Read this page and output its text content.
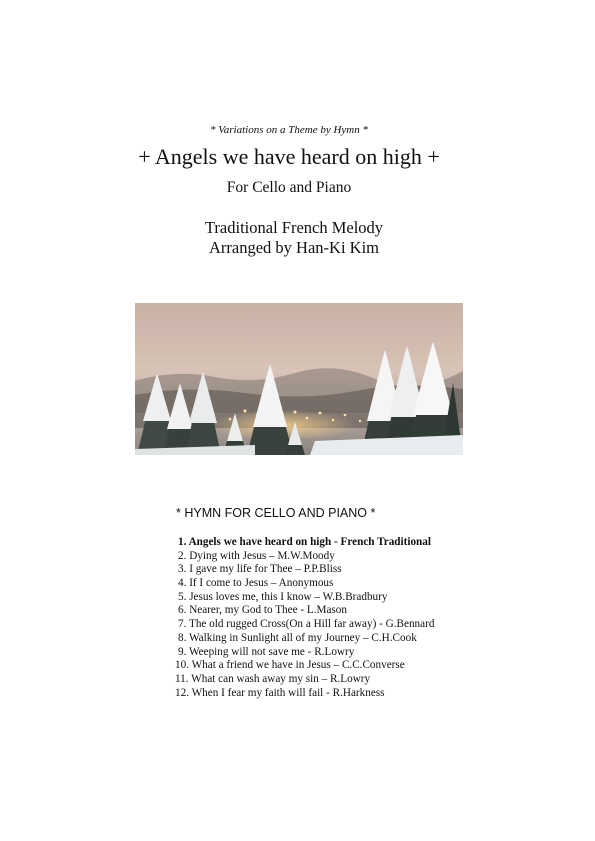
* Variations on a Theme by Hymn *
+ Angels we have heard on high +
For Cello and Piano
Traditional French Melody
Arranged by Han-Ki Kim
* HYMN FOR CELLO AND PIANO *
1. Angels we have heard on high - French Traditional
2. Dying with Jesus – M.W.Moody
3. I gave my life for Thee – P.P.Bliss
4. If I come to Jesus – Anonymous
5. Jesus loves me, this I know – W.B.Bradbury
6. Nearer, my God to Thee - L.Mason
7. The old rugged Cross(On a Hill far away) - G.Bennard
8. Walking in Sunlight all of my Journey – C.H.Cook
9. Weeping will not save me - R.Lowry
10. What a friend we have in Jesus – C.C.Converse
11. What can wash away my sin – R.Lowry
12. When I fear my faith will fail - R.Harkness
